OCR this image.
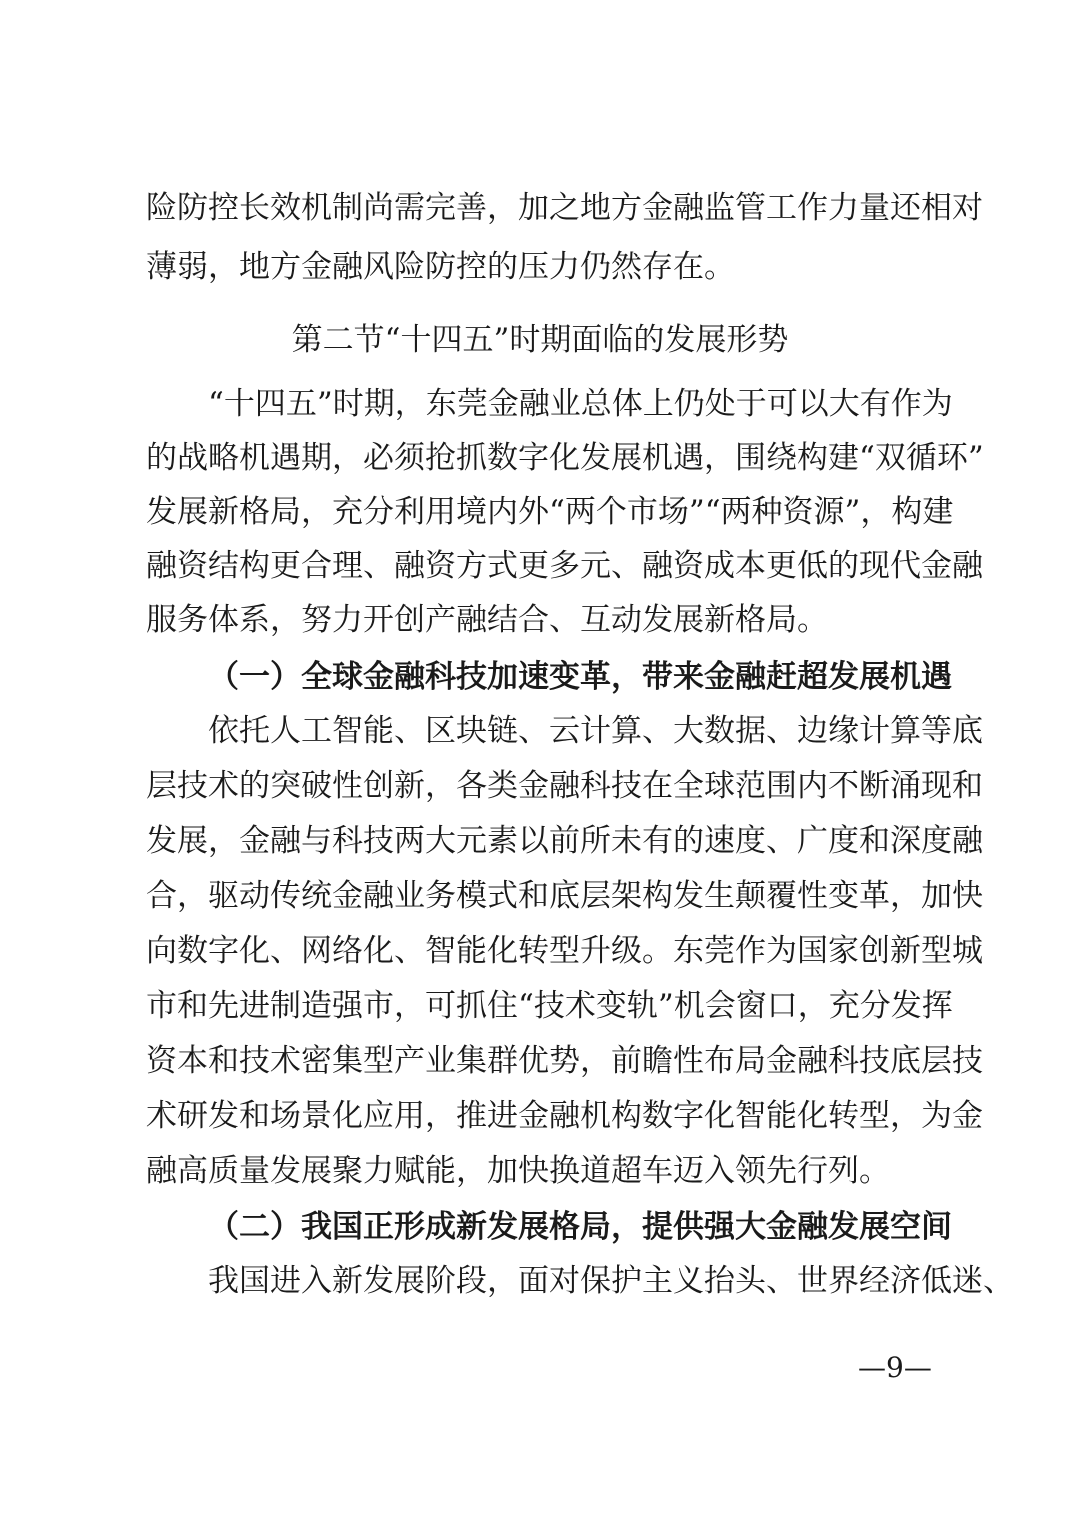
险防控长效机制尚需完善，加之地方金融监管工作力量还相对
薄弱，地方金融风险防控的压力仍然存在。
第二节“十四五”时期面临的发展形势
“十四五”时期，东莞金融业总体上仍处于可以大有作为
的战略机遇期，必须抢抓数字化发展机遇，围绕构建“双循环”
发展新格局，充分利用境内外“两个市场”“两种资源”，构建
融资结构更合理、融资方式更多元、融资成本更低的现代金融
服务体系，努力开创产融结合、互动发展新格局。
（一）全球金融科技加速变革，带来金融赶超发展机遇
依托人工智能、区块链、云计算、大数据、边缘计算等底
层技术的突破性创新，各类金融科技在全球范围内不断涌现和
发展，金融与科技两大元素以前所未有的速度、广度和深度融
合，驱动传统金融业务模式和底层架构发生颠覆性变革，加快
向数字化、网络化、智能化转型升级。东莞作为国家创新型城
市和先进制造强市，可抓住“技术变轨”机会窗口，充分发挥
资本和技术密集型产业集群优势，前瞻性布局金融科技底层技
术研发和场景化应用，推进金融机构数字化智能化转型，为金
融高质量发展聚力赋能，加快换道超车迈入领先行列。
（二）我国正形成新发展格局，提供强大金融发展空间
我国进入新发展阶段，面对保护主义抬头、世界经济低迷、
—9—
